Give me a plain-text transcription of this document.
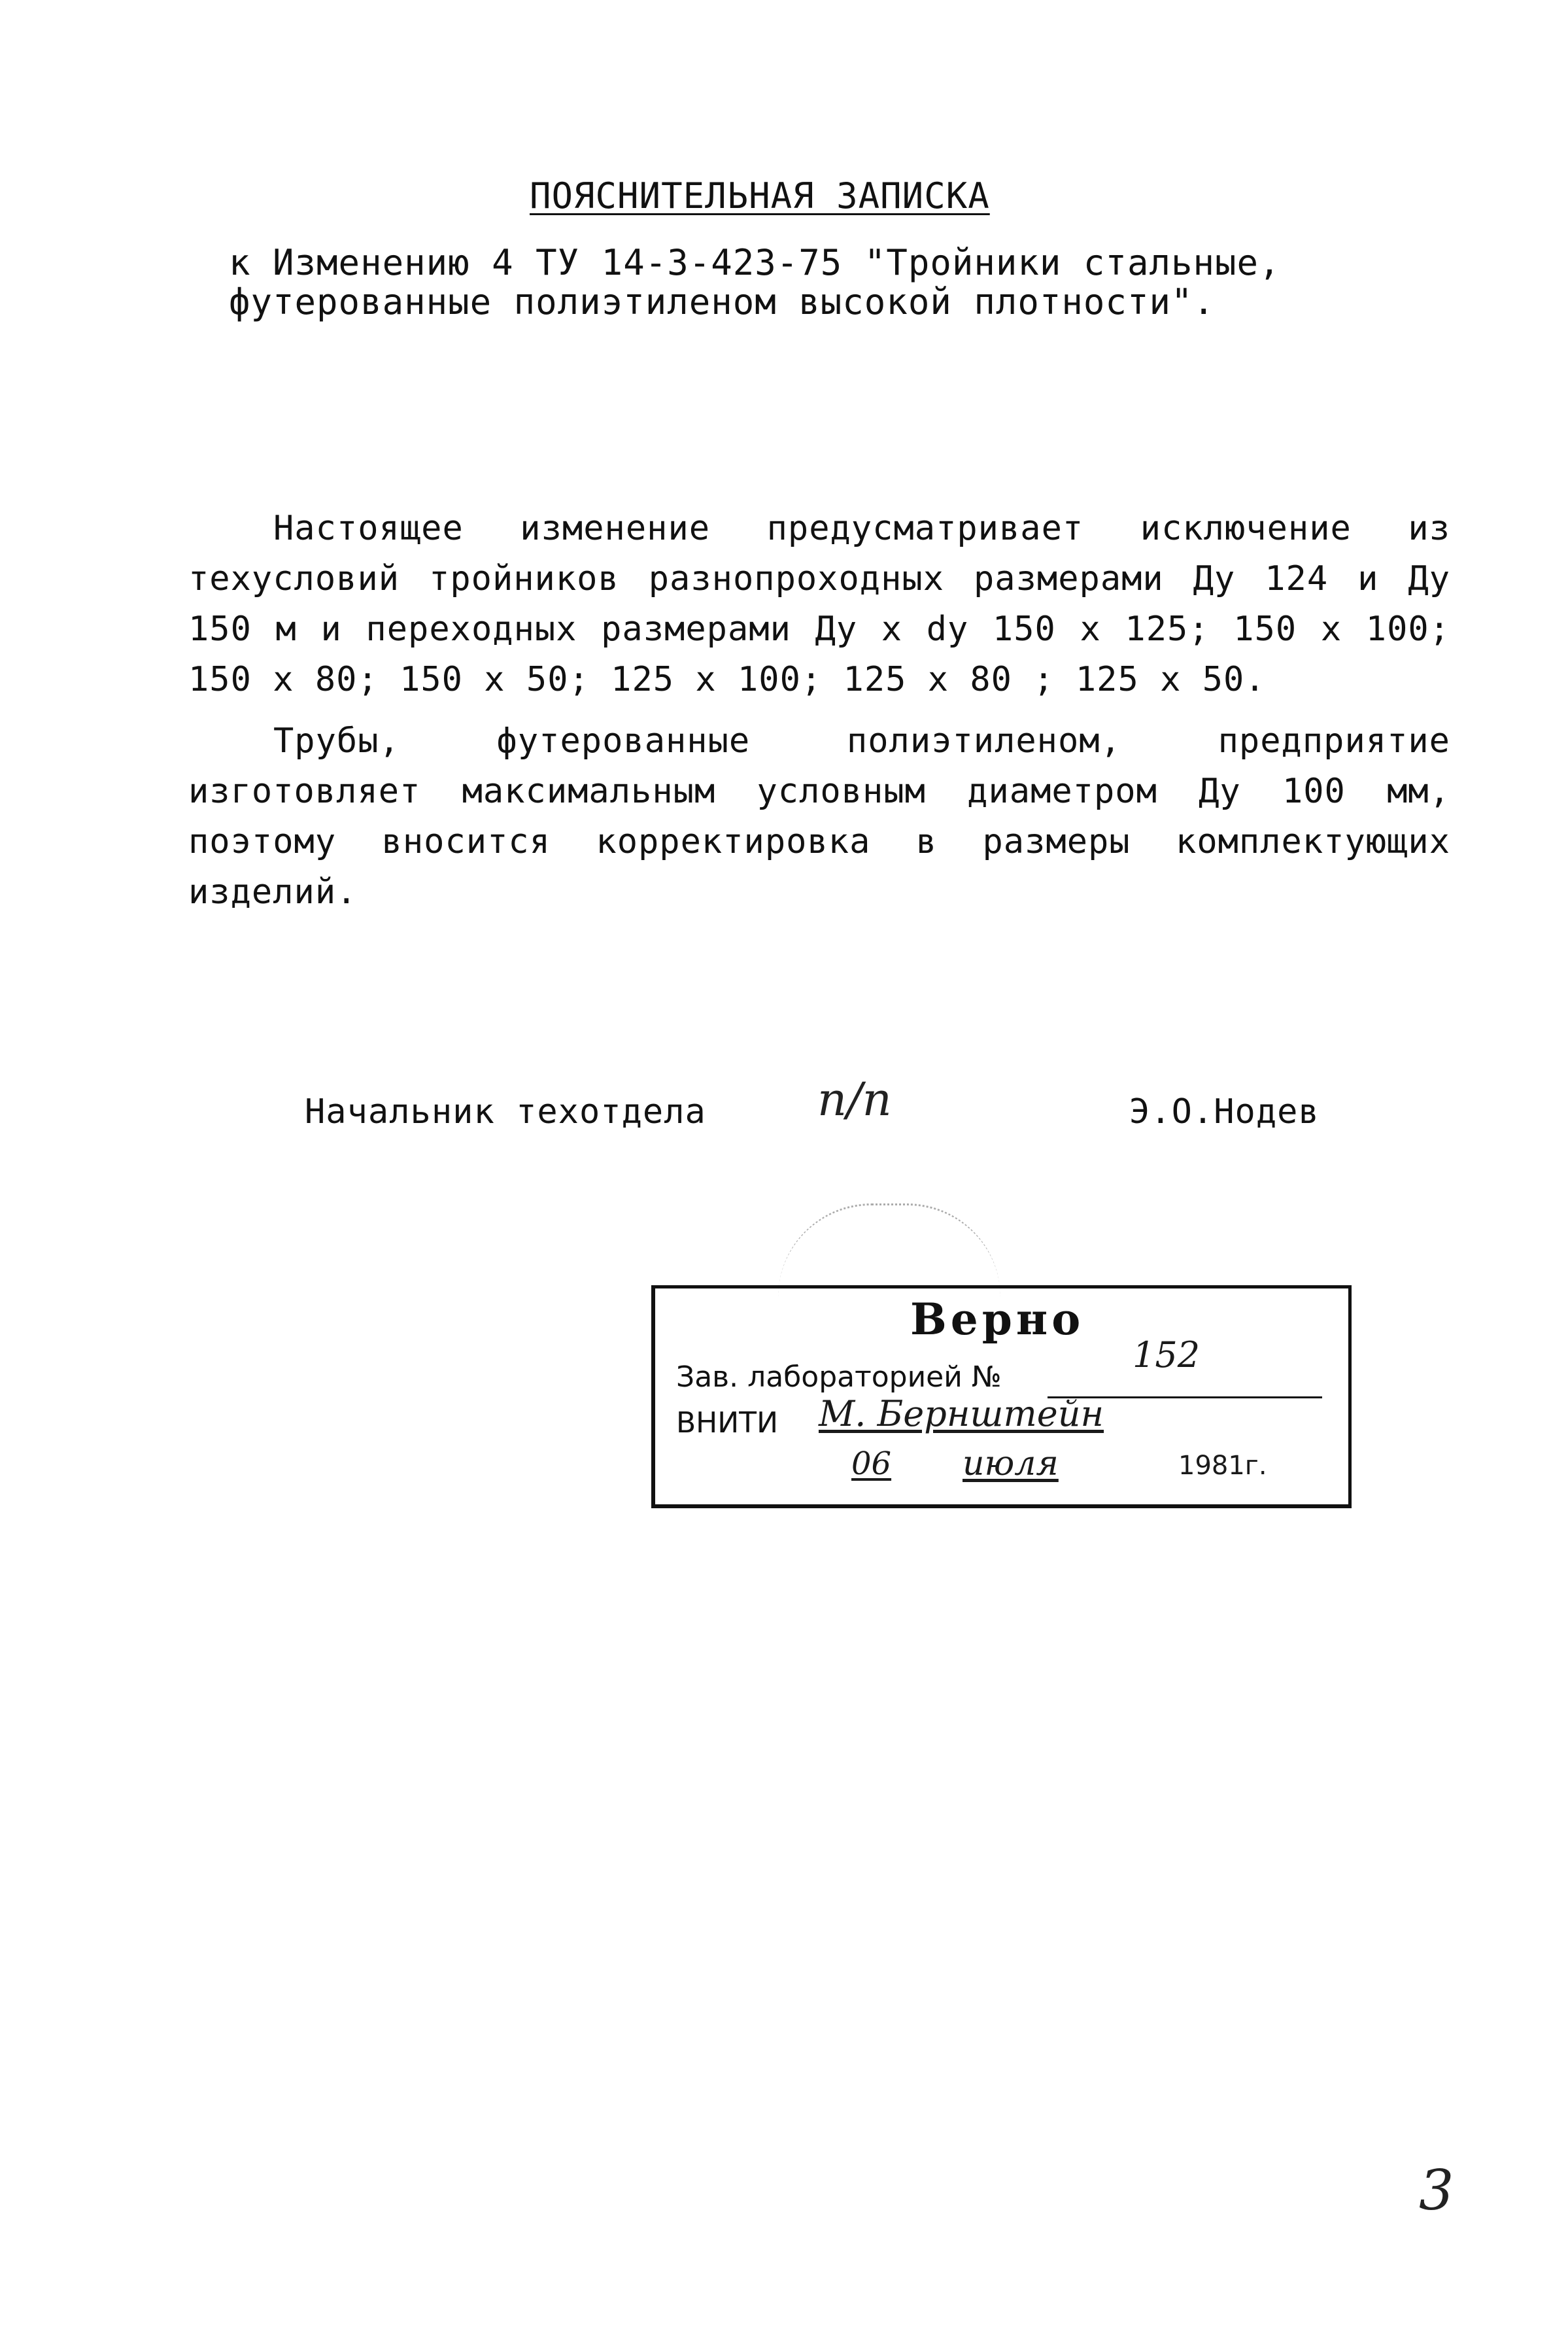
ПОЯСНИТЕЛЬНАЯ ЗАПИСКА
к Изменению 4 ТУ 14-3-423-75 "Тройники стальные,
футерованные полиэтиленом высокой плотности".

Настоящее изменение предусматривает исключение из техусловий тройников разнопроходных размерами Ду 124 и Ду 150 м и переходных размерами Ду х dу 150 х 125; 150 х 100; 150 х 80; 150 х 50; 125 х 100; 125 х 80 ; 125 х 50.

Трубы, футерованные полиэтиленом, предприятие изготовляет максимальным условным диаметром Ду 100 мм, поэтому вносится корректировка в размеры комплектующих изделий.

Начальник техотдела п/п	Э.О.Нодев
Верно
Зав. лабораторией №
152
ВНИТИ М. Бернштейн
06 июля	1981г.
3
